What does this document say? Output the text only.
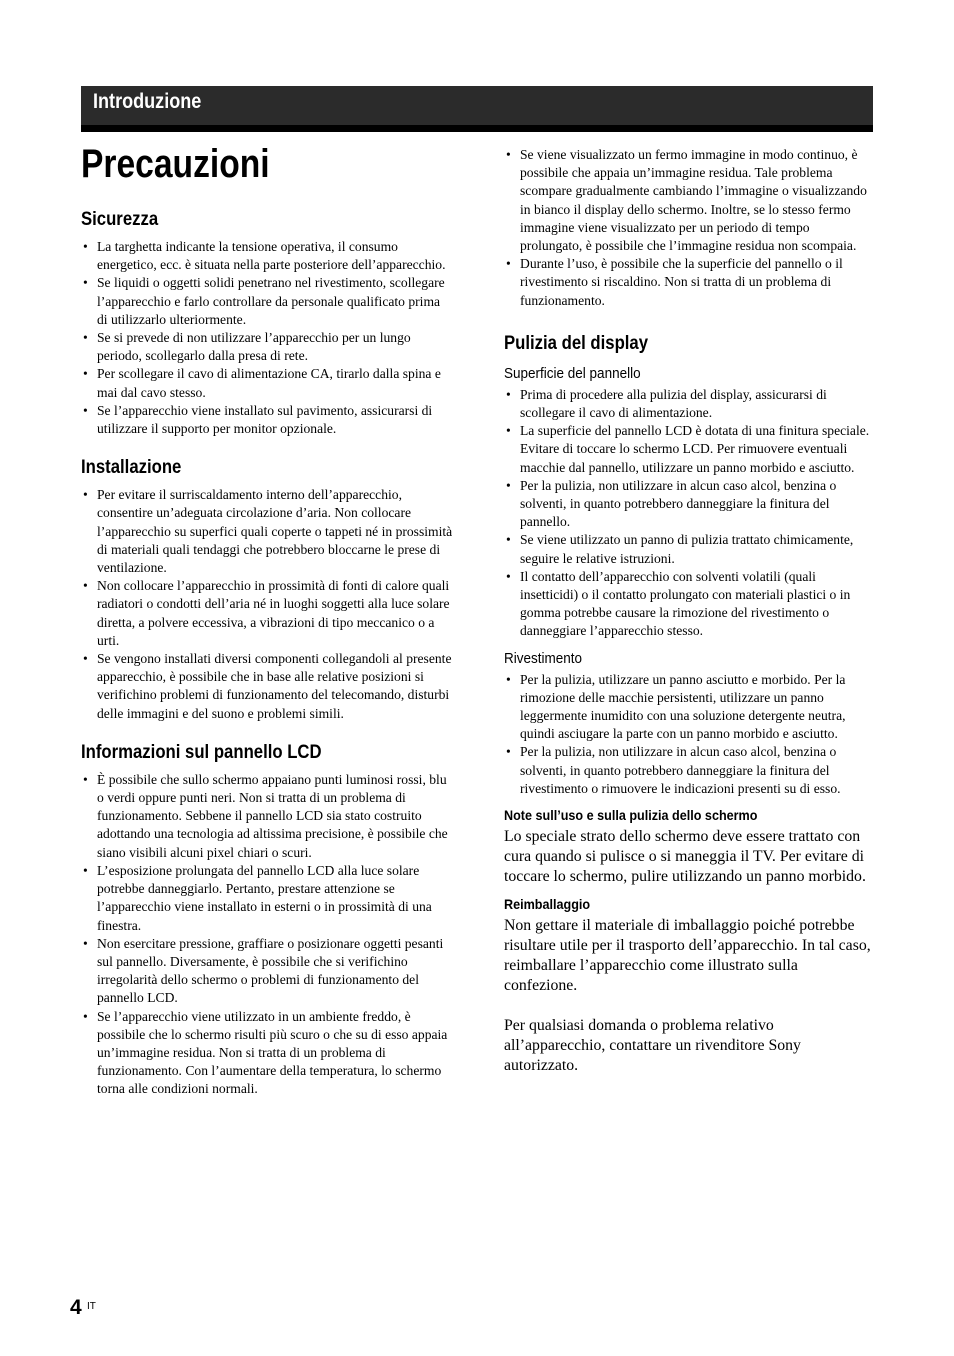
Introduzione
Precauzioni
Sicurezza
• La targhetta indicante la tensione operativa, il consumo energetico, ecc. è situata nella parte posteriore dell’apparecchio.
• Se liquidi o oggetti solidi penetrano nel rivestimento, scollegare l’apparecchio e farlo controllare da personale qualificato prima di utilizzarlo ulteriormente.
• Se si prevede di non utilizzare l’apparecchio per un lungo periodo, scollegarlo dalla presa di rete.
• Per scollegare il cavo di alimentazione CA, tirarlo dalla spina e mai dal cavo stesso.
• Se l’apparecchio viene installato sul pavimento, assicurarsi di utilizzare il supporto per monitor opzionale.
Installazione
• Per evitare il surriscaldamento interno dell’apparecchio, consentire un’adeguata circolazione d’aria. Non collocare l’apparecchio su superfici quali coperte o tappeti né in prossimità di materiali quali tendaggi che potrebbero bloccarne le prese di ventilazione.
• Non collocare l’apparecchio in prossimità di fonti di calore quali radiatori o condotti dell’aria né in luoghi soggetti alla luce solare diretta, a polvere eccessiva, a vibrazioni di tipo meccanico o a urti.
• Se vengono installati diversi componenti collegandoli al presente apparecchio, è possibile che in base alle relative posizioni si verifichino problemi di funzionamento del telecomando, disturbi delle immagini e del suono e problemi simili.
Informazioni sul pannello LCD
• È possibile che sullo schermo appaiano punti luminosi rossi, blu o verdi oppure punti neri. Non si tratta di un problema di funzionamento. Sebbene il pannello LCD sia stato costruito adottando una tecnologia ad altissima precisione, è possibile che siano visibili alcuni pixel chiari o scuri.
• L’esposizione prolungata del pannello LCD alla luce solare potrebbe danneggiarlo. Pertanto, prestare attenzione se l’apparecchio viene installato in esterni o in prossimità di una finestra.
• Non esercitare pressione, graffiare o posizionare oggetti pesanti sul pannello. Diversamente, è possibile che si verifichino irregolarità dello schermo o problemi di funzionamento del pannello LCD.
• Se l’apparecchio viene utilizzato in un ambiente freddo, è possibile che lo schermo risulti più scuro o che su di esso appaia un’immagine residua. Non si tratta di un problema di funzionamento. Con l’aumentare della temperatura, lo schermo torna alle condizioni normali.
• Se viene visualizzato un fermo immagine in modo continuo, è possibile che appaia un’immagine residua. Tale problema scompare gradualmente cambiando l’immagine o visualizzando in bianco il display dello schermo. Inoltre, se lo stesso fermo immagine viene visualizzato per un periodo di tempo prolungato, è possibile che l’immagine residua non scompaia.
• Durante l’uso, è possibile che la superficie del pannello o il rivestimento si riscaldino. Non si tratta di un problema di funzionamento.
Pulizia del display
Superficie del pannello
• Prima di procedere alla pulizia del display, assicurarsi di scollegare il cavo di alimentazione.
• La superficie del pannello LCD è dotata di una finitura speciale. Evitare di toccare lo schermo LCD. Per rimuovere eventuali macchie dal pannello, utilizzare un panno morbido e asciutto.
• Per la pulizia, non utilizzare in alcun caso alcol, benzina o solventi, in quanto potrebbero danneggiare la finitura del pannello.
• Se viene utilizzato un panno di pulizia trattato chimicamente, seguire le relative istruzioni.
• Il contatto dell’apparecchio con solventi volatili (quali insetticidi) o il contatto prolungato con materiali plastici o in gomma potrebbe causare la rimozione del rivestimento o danneggiare l’apparecchio stesso.
Rivestimento
• Per la pulizia, utilizzare un panno asciutto e morbido. Per la rimozione delle macchie persistenti, utilizzare un panno leggermente inumidito con una soluzione detergente neutra, quindi asciugare la parte con un panno morbido e asciutto.
• Per la pulizia, non utilizzare in alcun caso alcol, benzina o solventi, in quanto potrebbero danneggiare la finitura del rivestimento o rimuovere le indicazioni presenti su di esso.
Note sull’uso e sulla pulizia dello schermo

Lo speciale strato dello schermo deve essere trattato con cura quando si pulisce o si maneggia il TV. Per evitare di toccare lo schermo, pulire utilizzando un panno morbido.

Reimballaggio

Non gettare il materiale di imballaggio poiché potrebbe risultare utile per il trasporto dell’apparecchio. In tal caso, reimballare l’apparecchio come illustrato sulla confezione.

Per qualsiasi domanda o problema relativo all’apparecchio, contattare un rivenditore Sony autorizzato.

4 IT
